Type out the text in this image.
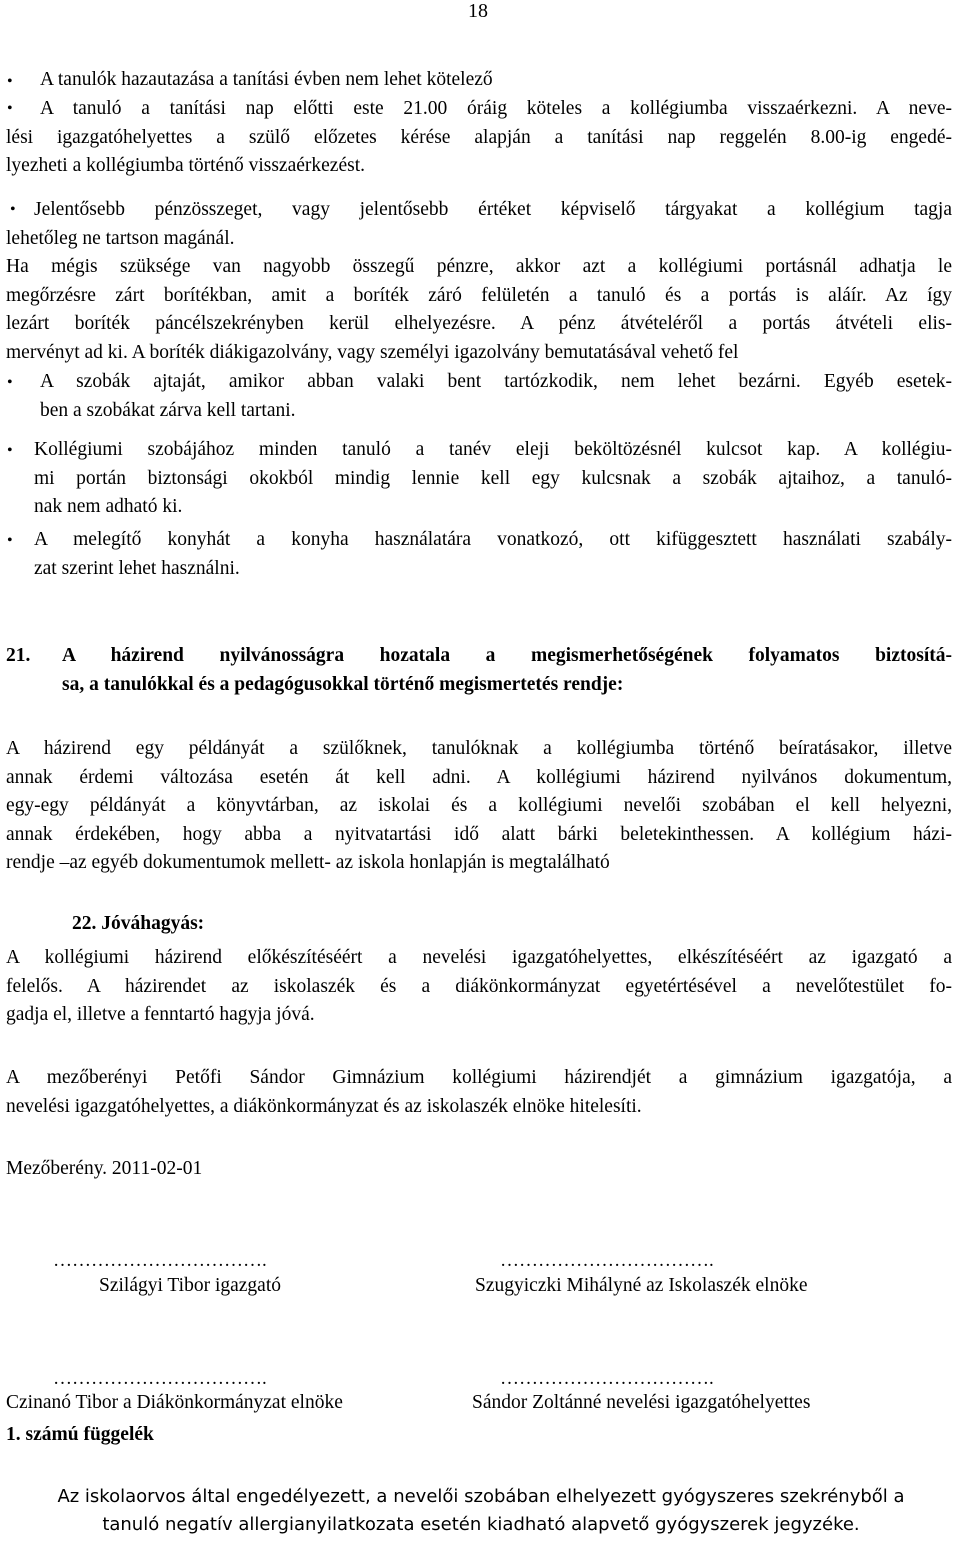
18
• A tanulók hazautazása a tanítási évben nem lehet kötelező
•	A tanuló a tanítási nap előtti este 21.00 óráig köteles a kollégiumba visszaérkezni. A neve-
lési igazgatóhelyettes a szülő előzetes kérése alapján a tanítási nap reggelén 8.00-ig engedé-
lyezheti a kollégiumba történő visszaérkezést.
• Jelentősebb pénzösszeget, vagy jelentősebb értéket képviselő tárgyakat a kollégium tagja
lehetőleg ne tartson magánál.
Ha mégis szüksége van nagyobb összegű pénzre, akkor azt a kollégiumi portásnál adhatja le
megőrzésre zárt borítékban, amit a boríték záró felületén a tanuló és a portás is aláír. Az így
lezárt boríték páncélszekrényben kerül elhelyezésre. A pénz átvételéről a portás átvételi elis-
mervényt ad ki. A boríték diákigazolvány, vagy személyi igazolvány bemutatásával vehető fel
• A szobák ajtaját, amikor abban valaki bent tartózkodik, nem lehet bezárni. Egyéb esetek-
ben a szobákat zárva kell tartani.
• Kollégiumi szobájához minden tanuló a tanév eleji beköltözésnél kulcsot kap. A kollégiu-
mi portán biztonsági okokból mindig lennie kell egy kulcsnak a szobák ajtaihoz, a tanuló-
nak nem adható ki.
• A melegítő konyhát a konyha használatára vonatkozó, ott kifüggesztett használati szabály-
zat szerint lehet használni.
21.	A házirend nyilvánosságra hozatala a megismerhetőségének folyamatos biztosítá-
sa, a tanulókkal és a pedagógusokkal történő megismertetés rendje:
A házirend egy példányát a szülőknek, tanulóknak a kollégiumba történő beíratásakor, illetve
annak érdemi változása esetén át kell adni. A kollégiumi házirend nyilvános dokumentum,
egy-egy példányát a könyvtárban, az iskolai és a kollégiumi nevelői szobában el kell helyezni,
annak érdekében, hogy abba a nyitvatartási idő alatt bárki beletekinthessen. A kollégium házi-
rendje –az egyéb dokumentumok mellett- az iskola honlapján is megtalálható
22. Jóváhagyás:
A kollégiumi házirend előkészítéséért a nevelési igazgatóhelyettes, elkészítéséért az igazgató a
felelős. A házirendet az iskolaszék és a diákönkormányzat egyetértésével a nevelőtestület fo-
gadja el, illetve a fenntartó hagyja jóvá.
A mezőberényi Petőfi Sándor Gimnázium kollégiumi házirendjét a gimnázium igazgatója, a
nevelési igazgatóhelyettes, a diákönkormányzat és az iskolaszék elnöke hitelesíti.
Mezőberény. 2011-02-01
…………………………….
Szilágyi Tibor igazgató
…………………………….
Szugyiczki Mihályné az Iskolaszék elnöke
…………………………….
Czinanó Tibor a Diákönkormányzat elnöke
…………………………….
Sándor Zoltánné nevelési igazgatóhelyettes
1. számú függelék
Az iskolaorvos által engedélyezett, a nevelői szobában elhelyezett gyógyszeres szekrényből a
tanuló negatív allergianyilatkozata esetén kiadható alapvető gyógyszerek jegyzéke.
